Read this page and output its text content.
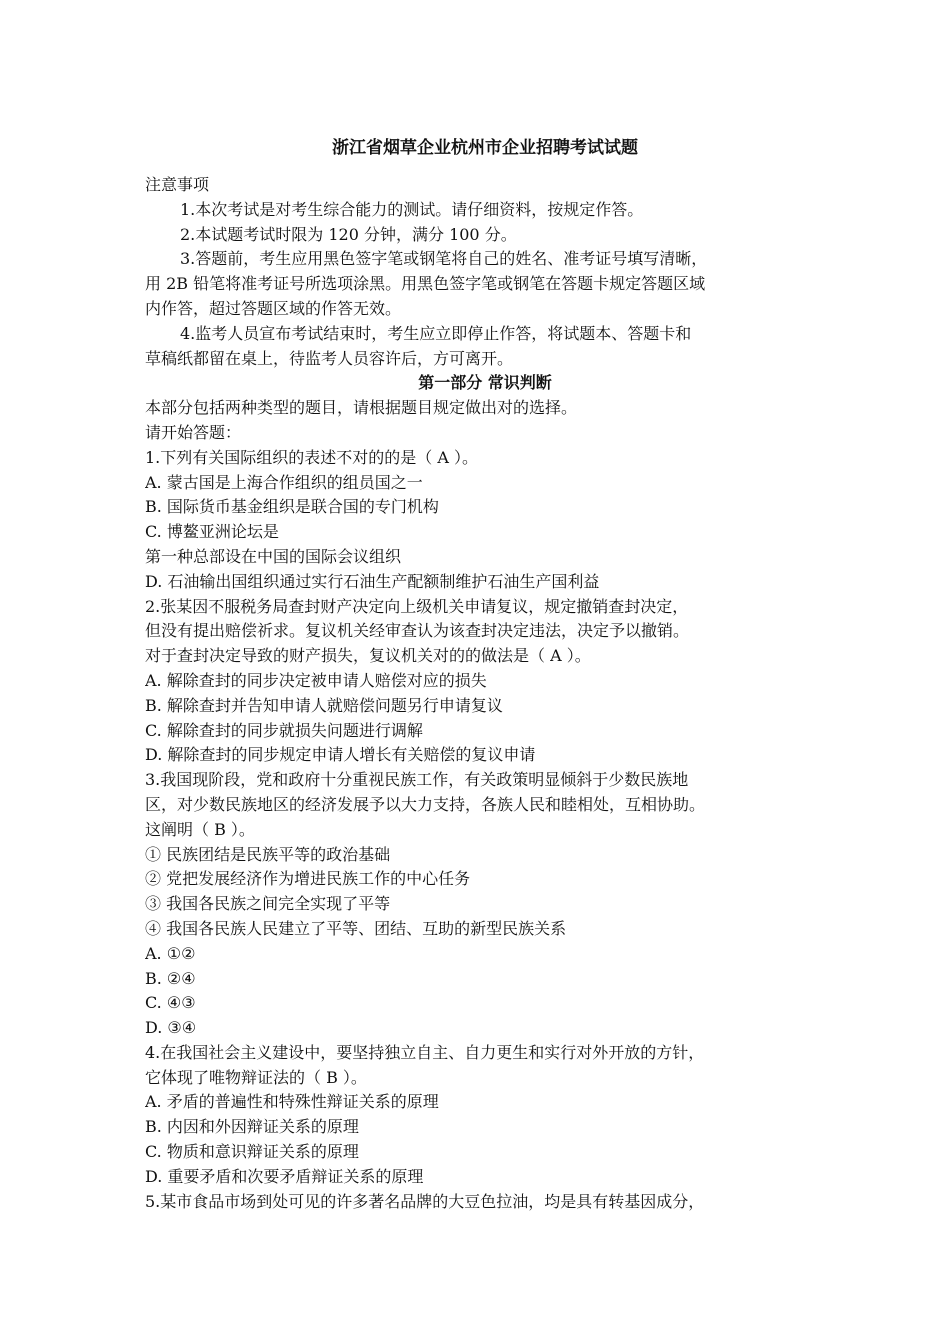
浙江省烟草企业杭州市企业招聘考试试题
注意事项
1.本次考试是对考生综合能力的测试。请仔细资料，按规定作答。
2.本试题考试时限为 120 分钟，满分 100 分。
3.答题前，考生应用黑色签字笔或钢笔将自己的姓名、准考证号填写清晰，
用 2B 铅笔将准考证号所选项涂黑。用黑色签字笔或钢笔在答题卡规定答题区域
内作答，超过答题区域的作答无效。
4.监考人员宣布考试结束时，考生应立即停止作答，将试题本、答题卡和
草稿纸都留在桌上，待监考人员容许后，方可离开。
第一部分 常识判断
本部分包括两种类型的题目，请根据题目规定做出对的选择。
请开始答题：
1.下列有关国际组织的表述不对的的是（ A ）。
A. 蒙古国是上海合作组织的组员国之一
B. 国际货币基金组织是联合国的专门机构
C. 博鳌亚洲论坛是
第一种总部设在中国的国际会议组织
D. 石油输出国组织通过实行石油生产配额制维护石油生产国利益
2.张某因不服税务局查封财产决定向上级机关申请复议，规定撤销查封决定，
但没有提出赔偿祈求。复议机关经审查认为该查封决定违法，决定予以撤销。
对于查封决定导致的财产损失，复议机关对的的做法是（ A ）。
A. 解除查封的同步决定被申请人赔偿对应的损失
B. 解除查封并告知申请人就赔偿问题另行申请复议
C. 解除查封的同步就损失问题进行调解
D. 解除查封的同步规定申请人增长有关赔偿的复议申请
3.我国现阶段，党和政府十分重视民族工作，有关政策明显倾斜于少数民族地
区，对少数民族地区的经济发展予以大力支持，各族人民和睦相处，互相协助。
这阐明（ B ）。
① 民族团结是民族平等的政治基础
② 党把发展经济作为增进民族工作的中心任务
③ 我国各民族之间完全实现了平等
④ 我国各民族人民建立了平等、团结、互助的新型民族关系
A. ①②
B. ②④
C. ④③
D. ③④
4.在我国社会主义建设中，要坚持独立自主、自力更生和实行对外开放的方针，
它体现了唯物辩证法的（ B ）。
A. 矛盾的普遍性和特殊性辩证关系的原理
B. 内因和外因辩证关系的原理
C. 物质和意识辩证关系的原理
D. 重要矛盾和次要矛盾辩证关系的原理
5.某市食品市场到处可见的许多著名品牌的大豆色拉油，均是具有转基因成分，
